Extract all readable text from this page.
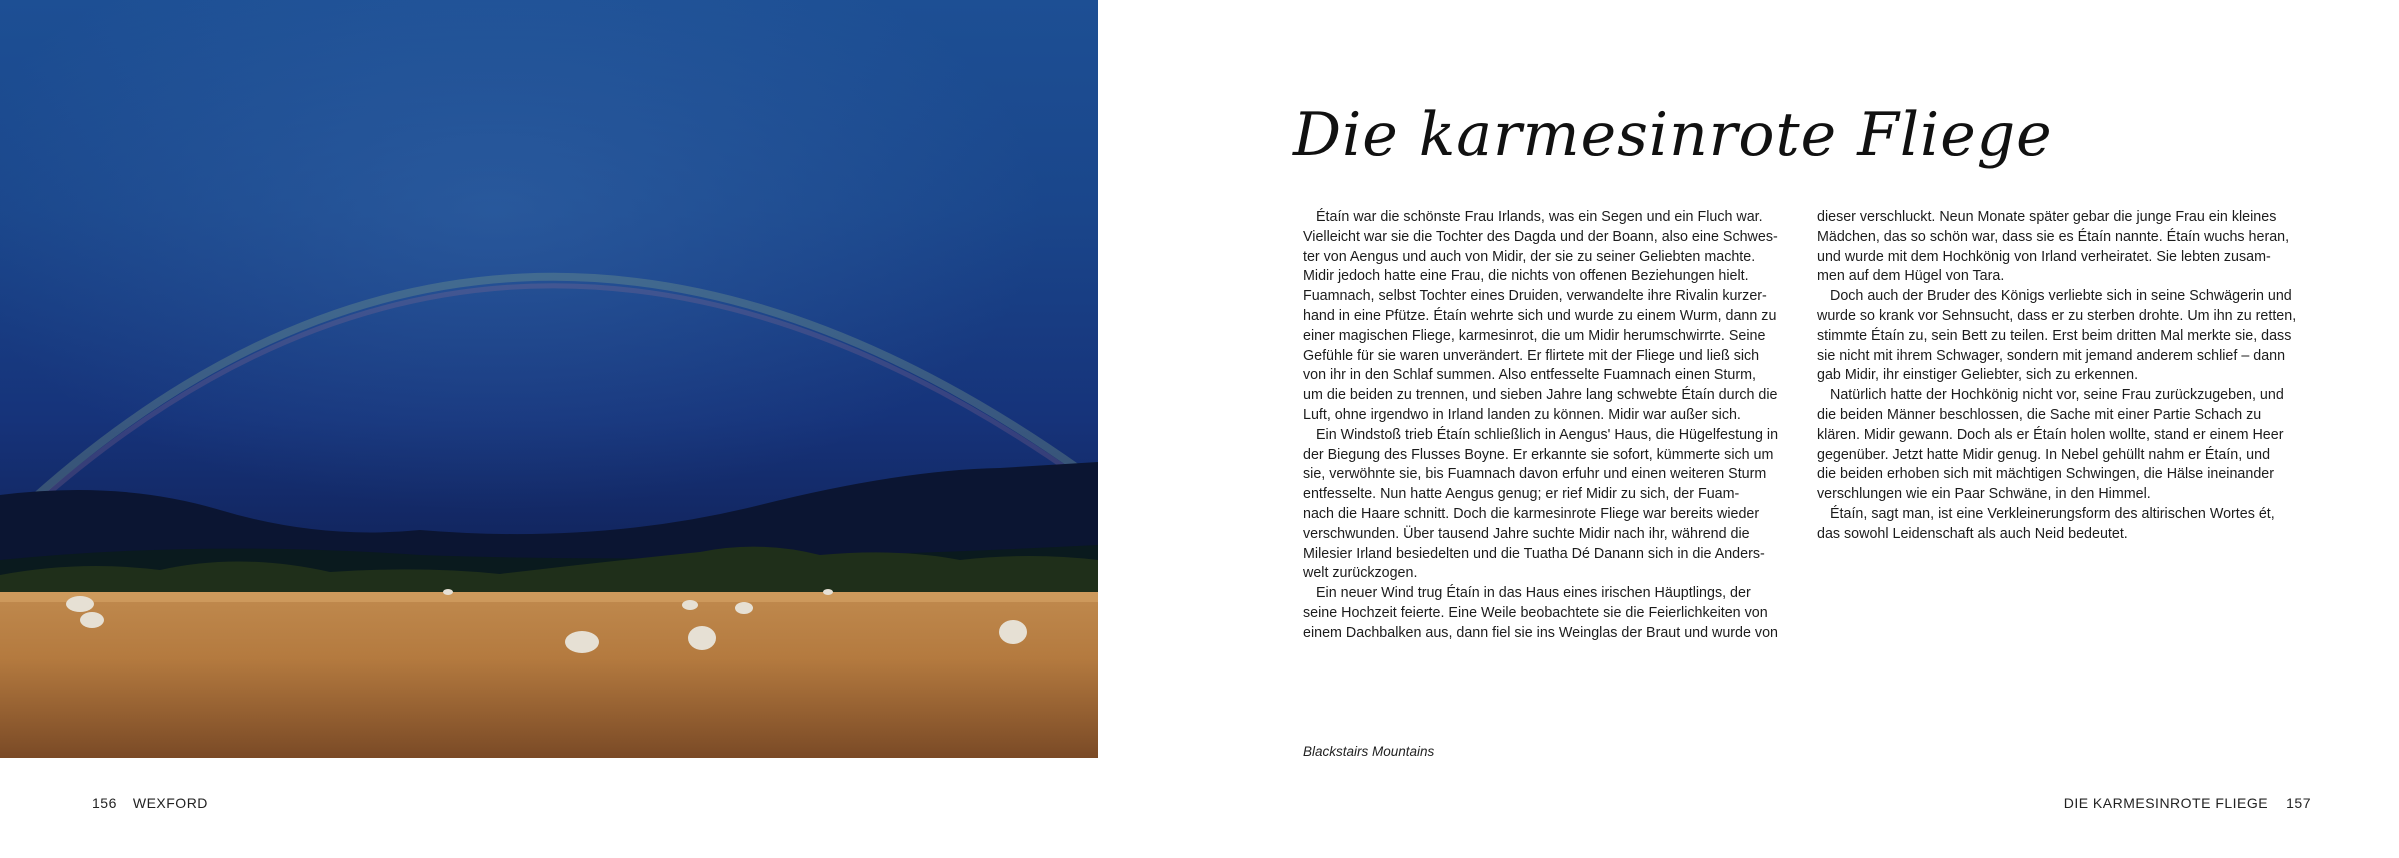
Die karmesinrote Fliege

Étaín war die schönste Frau Irlands, was ein Segen und ein Fluch war.
Vielleicht war sie die Tochter des Dagda und der Boann, also eine Schwes-
ter von Aengus und auch von Midir, der sie zu seiner Geliebten machte.
Midir jedoch hatte eine Frau, die nichts von offenen Beziehungen hielt.
Fuamnach, selbst Tochter eines Druiden, verwandelte ihre Rivalin kurzer-
hand in eine Pfütze. Étaín wehrte sich und wurde zu einem Wurm, dann zu
einer magischen Fliege, karmesinrot, die um Midir herumschwirrte. Seine
Gefühle für sie waren unverändert. Er flirtete mit der Fliege und ließ sich
von ihr in den Schlaf summen. Also entfesselte Fuamnach einen Sturm,
um die beiden zu trennen, und sieben Jahre lang schwebte Étaín durch die
Luft, ohne irgendwo in Irland landen zu können. Midir war außer sich.

Ein Windstoß trieb Étaín schließlich in Aengus' Haus, die Hügelfestung in
der Biegung des Flusses Boyne. Er erkannte sie sofort, kümmerte sich um
sie, verwöhnte sie, bis Fuamnach davon erfuhr und einen weiteren Sturm
entfesselte. Nun hatte Aengus genug; er rief Midir zu sich, der Fuam-
nach die Haare schnitt. Doch die karmesinrote Fliege war bereits wieder
verschwunden. Über tausend Jahre suchte Midir nach ihr, während die
Milesier Irland besiedelten und die Tuatha Dé Danann sich in die Anders-
welt zurückzogen.

Ein neuer Wind trug Étaín in das Haus eines irischen Häuptlings, der
seine Hochzeit feierte. Eine Weile beobachtete sie die Feierlichkeiten von
einem Dachbalken aus, dann fiel sie ins Weinglas der Braut und wurde von

dieser verschluckt. Neun Monate später gebar die junge Frau ein kleines
Mädchen, das so schön war, dass sie es Étaín nannte. Étaín wuchs heran,
und wurde mit dem Hochkönig von Irland verheiratet. Sie lebten zusam-
men auf dem Hügel von Tara.

Doch auch der Bruder des Königs verliebte sich in seine Schwägerin und
wurde so krank vor Sehnsucht, dass er zu sterben drohte. Um ihn zu retten,
stimmte Étaín zu, sein Bett zu teilen. Erst beim dritten Mal merkte sie, dass
sie nicht mit ihrem Schwager, sondern mit jemand anderem schlief – dann
gab Midir, ihr einstiger Geliebter, sich zu erkennen.

Natürlich hatte der Hochkönig nicht vor, seine Frau zurückzugeben, und
die beiden Männer beschlossen, die Sache mit einer Partie Schach zu
klären. Midir gewann. Doch als er Étaín holen wollte, stand er einem Heer
gegenüber. Jetzt hatte Midir genug. In Nebel gehüllt nahm er Étaín, und
die beiden erhoben sich mit mächtigen Schwingen, die Hälse ineinander
verschlungen wie ein Paar Schwäne, in den Himmel.

Étaín, sagt man, ist eine Verkleinerungsform des altirischen Wortes ét,
das sowohl Leidenschaft als auch Neid bedeutet.

Blackstairs Mountains
156 WEXFORD	DIE KARMESINROTE FLIEGE 157
